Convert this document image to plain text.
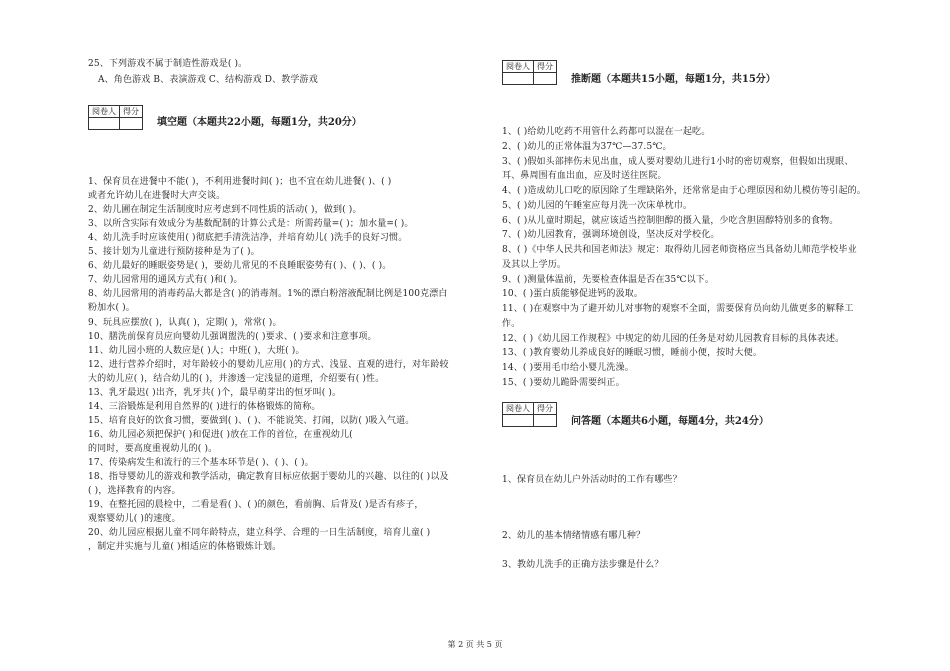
25、下列游戏不属于制造性游戏是( )。
A、角色游戏 B、表演游戏 C、结构游戏 D、教学游戏
阅卷人	得分

填空题（本题共22小题，每题1分，共20分）
1、保育员在进餐中不能( )，不利用进餐时间( )；也不宜在幼儿进餐( )、( )
或者允许幼儿在进餐时大声交谈。
2、幼儿圃在制定生活制度时应考虑到不同性质的活动( )，做到( )。
3、以所含实际有效成分为基数配制的计算公式是：所需药量=( )；加水量=( )。
4、幼儿洗手时应该使用( )彻底把手清洗洁净，并培育幼儿( )洗手的良好习惯。
5、接计划为儿童进行预防接种是为了( )。
6、幼儿最好的睡眠姿势是( )，要幼儿常见的不良睡眠姿势有( )、( )、( )。
7、幼儿园常用的通风方式有( )和( )。
8、幼儿园常用的消毒药品大都是含( )的消毒剂。1%的漂白粉溶液配制比例是100克漂白
粉加水( )。
9、玩具应摆放( )，认真( )，定期( )，常常( )。
10、膳洗前保育员应向婴幼儿强调盥洗的( )要求、( )要求和注意事项。
11、幼儿园小班的人数应是( )人；中班( )，大班( )。
12、进行营养介绍时，对年龄较小的婴幼儿应用( )的方式、浅显、直观的进行，对年龄较
大的幼儿应( )，结合幼儿的( )，并渗透一定浅显的道理，介绍要有( )性。
13、乳牙最迟( )出齐，乳牙共( )个，最早萌芽出的恒牙叫( )。
14、三浴锻炼是利用自然界的( )进行的体格锻炼的简称。
15、培育良好的饮食习惯，要做到( )、( )、不能说笑、打闹，以防( )吸入气道。
16、幼儿园必须把保护( )和促进( )放在工作的首位，在重视幼儿(
的同时，要高度重视幼儿的( )。
17、传染病发生和流行的三个基本环节是( )、( )、( )。
18、指导婴幼儿的游戏和教学活动，确定教育目标应依据于婴幼儿的兴趣、以往的( )以及
( )，选择教育的内容。
19、在整托园的晨检中，二看是看( )、( )的颜色，看前胸、后背及( )是否有疹子，
观察婴幼儿( )的速度。
20、幼儿园应根据儿童不同年龄特点，建立科学、合理的一日生活制度，培育儿童( )
，制定并实施与儿童( )相适应的体格锻炼计划。
阅卷人	得分

推断题（本题共15小题，每题1分，共15分）
1、( )给幼儿吃药不用管什么药都可以混在一起吃。
2、( )幼儿的正常体温为37℃—37.5℃。
3、( )假如头部摔伤未见出血，成人要对婴幼儿进行1小时的密切观察，但假如出现眼、
耳、鼻周围有血出血，应及时送往医院。
4、( )造成幼儿口吃的原因除了生理缺陷外，还常常是由于心理原因和幼儿模仿等引起的。
5、( )幼儿园的午睡室应每月洗一次床单枕巾。
6、( )从儿童时期起，就应该适当控制胆醇的摄入量，少吃含胆固醇特别多的食物。
7、( )幼儿园教育，强调环境创设，坚决反对学校化。
8、( )《中华人民共和国老师法》规定：取得幼儿园老师资格应当具备幼儿师范学校毕业
及其以上学历。
9、( )测量体温前，先要检查体温是否在35℃以下。
10、( )蛋白质能够促进钙的汲取。
11、( )在观察中为了避开幼儿对事物的观察不全面，需要保育员向幼儿做更多的解释工
作。
12、( )《幼儿园工作规程》中规定的幼儿园的任务是对幼儿园教育目标的具体表述。
13、( )教育婴幼儿养成良好的睡眠习惯，睡前小便，按时大便。
14、( )要用毛巾给小婴儿洗澡。
15、( )要幼儿跪卧需要纠正。
阅卷人	得分

问答题（本题共6小题，每题4分，共24分）
1、保育员在幼儿户外活动时的工作有哪些？
2、幼儿的基本情绪情感有哪几种？
3、教幼儿洗手的正确方法步骤是什么？
第 2 页 共 5 页
